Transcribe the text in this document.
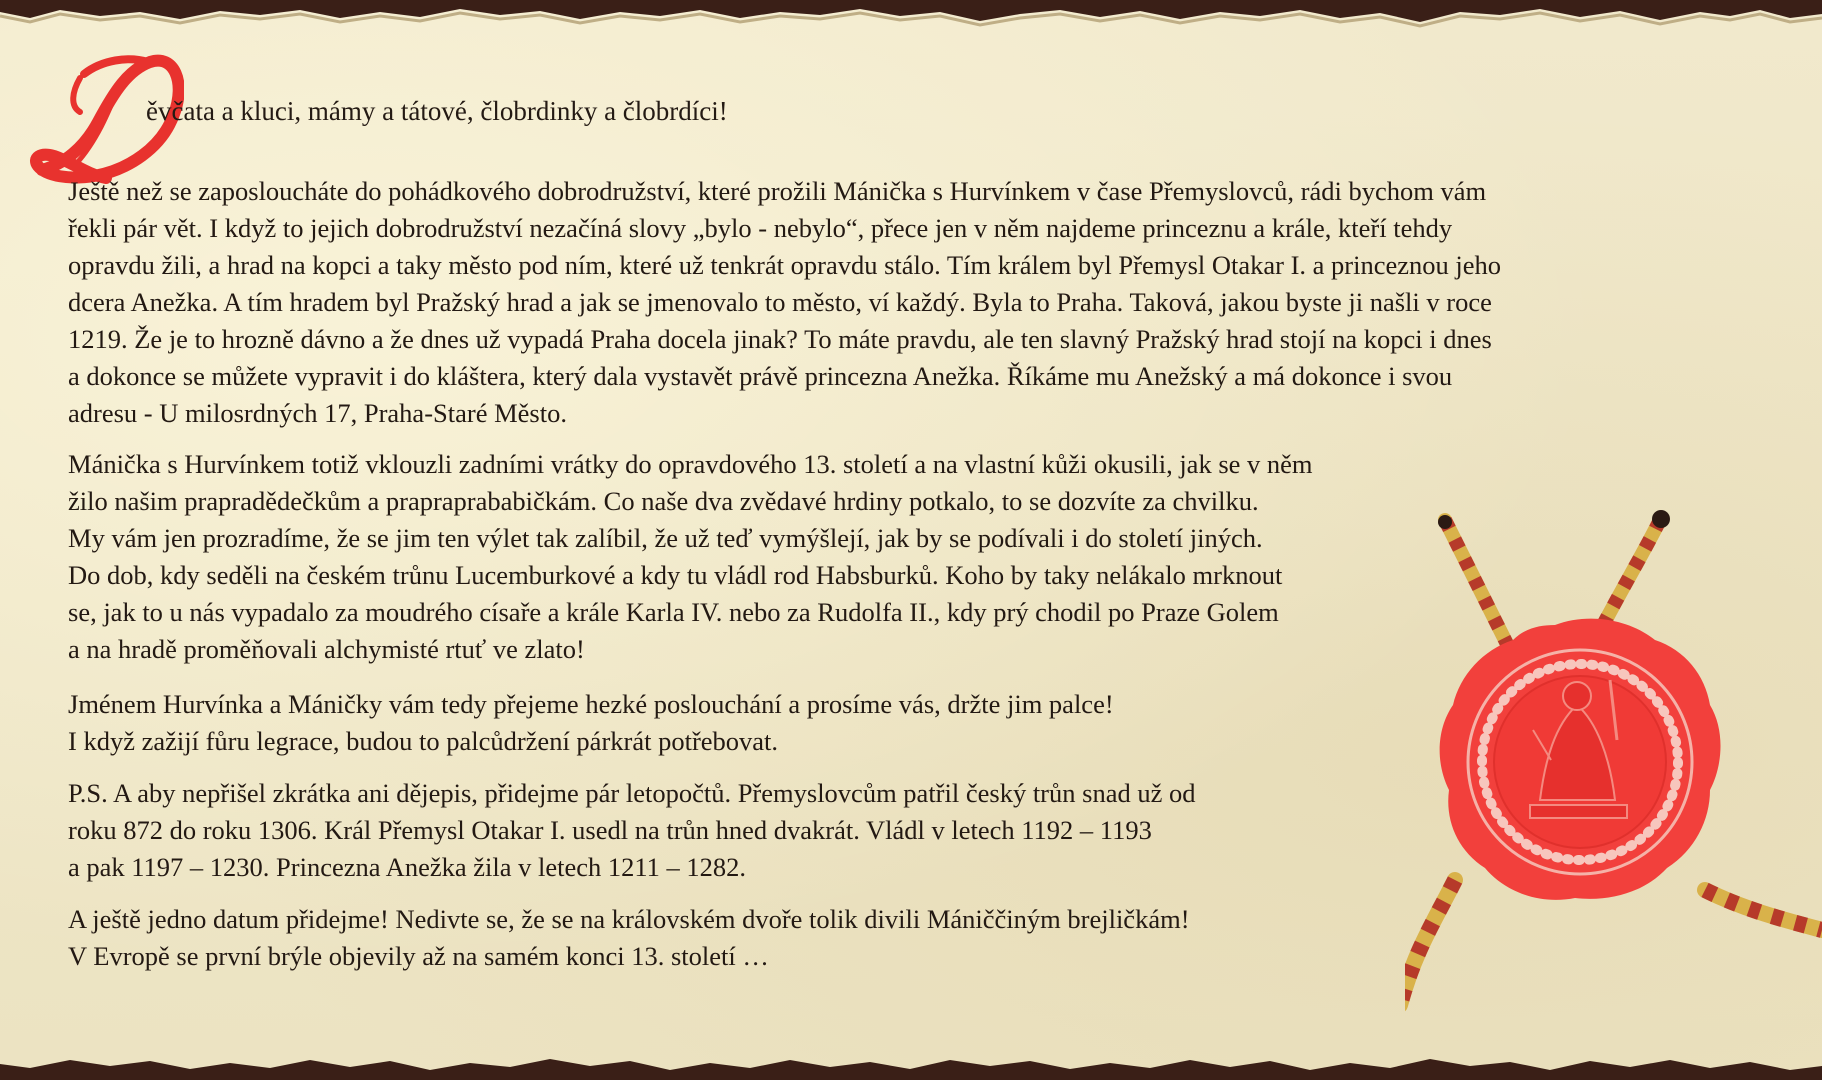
ěvčata a kluci, mámy a tátové, člobrdinky a člobrdíci!

Ještě než se zaposloucháte do pohádkového dobrodružství, které prožili Mánička s Hurvínkem v čase Přemyslovců, rádi bychom vám
řekli pár vět. I když to jejich dobrodružství nezačíná slovy „bylo - nebylo“, přece jen v něm najdeme princeznu a krále, kteří tehdy
opravdu žili, a hrad na kopci a taky město pod ním, které už tenkrát opravdu stálo. Tím králem byl Přemysl Otakar I. a princeznou jeho
dcera Anežka. A tím hradem byl Pražský hrad a jak se jmenovalo to město, ví každý. Byla to Praha. Taková, jakou byste ji našli v roce
1219. Že je to hrozně dávno a že dnes už vypadá Praha docela jinak? To máte pravdu, ale ten slavný Pražský hrad stojí na kopci i dnes
a dokonce se můžete vypravit i do kláštera, který dala vystavět právě princezna Anežka. Říkáme mu Anežský a má dokonce i svou
adresu - U milosrdných 17, Praha-Staré Město.

Mánička s Hurvínkem totiž vklouzli zadními vrátky do opravdového 13. století a na vlastní kůži okusili, jak se v něm
žilo našim prapradědečkům a prapraprababičkám. Co naše dva zvědavé hrdiny potkalo, to se dozvíte za chvilku.
My vám jen prozradíme, že se jim ten výlet tak zalíbil, že už teď vymýšlejí, jak by se podívali i do století jiných.
Do dob, kdy seděli na českém trůnu Lucemburkové a kdy tu vládl rod Habsburků. Koho by taky nelákalo mrknout
se, jak to u nás vypadalo za moudrého císaře a krále Karla IV. nebo za Rudolfa II., kdy prý chodil po Praze Golem
a na hradě proměňovali alchymisté rtuť ve zlato!

Jménem Hurvínka a Máničky vám tedy přejeme hezké poslouchání a prosíme vás, držte jim palce!
I když zažijí fůru legrace, budou to palcůdržení párkrát potřebovat.

P.S. A aby nepřišel zkrátka ani dějepis, přidejme pár letopočtů. Přemyslovcům patřil český trůn snad už od
roku 872 do roku 1306. Král Přemysl Otakar I. usedl na trůn hned dvakrát. Vládl v letech 1192 – 1193
a pak 1197 – 1230. Princezna Anežka žila v letech 1211 – 1282.

A ještě jedno datum přidejme! Nedivte se, že se na královském dvoře tolik divili Mániččiným brejličkám!
V Evropě se první brýle objevily až na samém konci 13. století …
